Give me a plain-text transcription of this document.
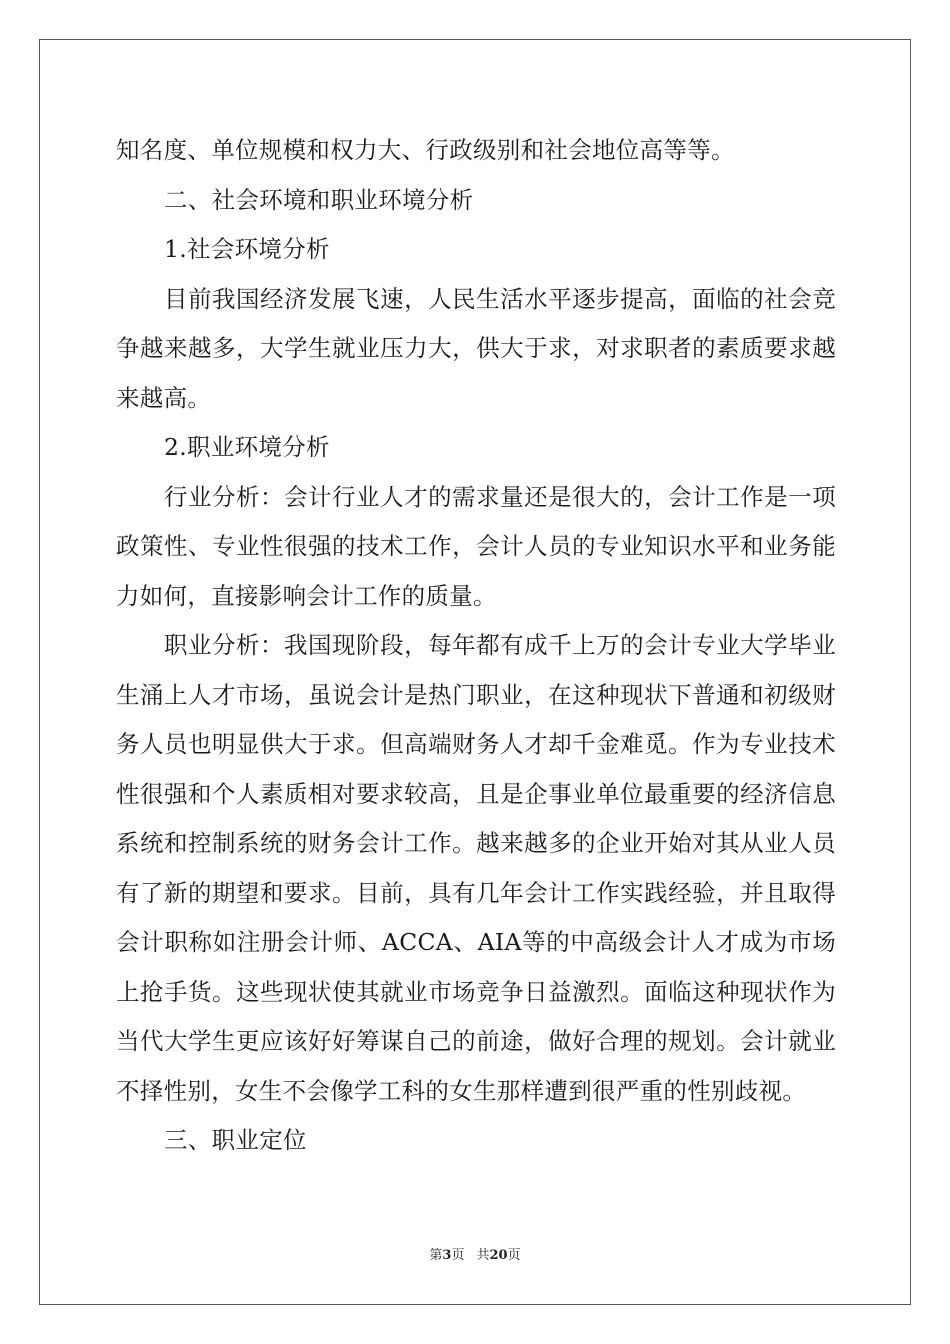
知名度、单位规模和权力大、行政级别和社会地位高等等。

二、社会环境和职业环境分析

1.社会环境分析

目前我国经济发展飞速，人民生活水平逐步提高，面临的社会竞争越来越多，大学生就业压力大，供大于求，对求职者的素质要求越来越高。

2.职业环境分析

行业分析：会计行业人才的需求量还是很大的，会计工作是一项政策性、专业性很强的技术工作，会计人员的专业知识水平和业务能力如何，直接影响会计工作的质量。

职业分析：我国现阶段，每年都有成千上万的会计专业大学毕业生涌上人才市场，虽说会计是热门职业，在这种现状下普通和初级财务人员也明显供大于求。但高端财务人才却千金难觅。作为专业技术性很强和个人素质相对要求较高，且是企事业单位最重要的经济信息系统和控制系统的财务会计工作。越来越多的企业开始对其从业人员有了新的期望和要求。目前，具有几年会计工作实践经验，并且取得会计职称如注册会计师、ACCA、AIA等的中高级会计人才成为市场上抢手货。这些现状使其就业市场竞争日益激烈。面临这种现状作为当代大学生更应该好好筹谋自己的前途，做好合理的规划。会计就业不择性别，女生不会像学工科的女生那样遭到很严重的性别歧视。

三、职业定位

第3页 共20页
